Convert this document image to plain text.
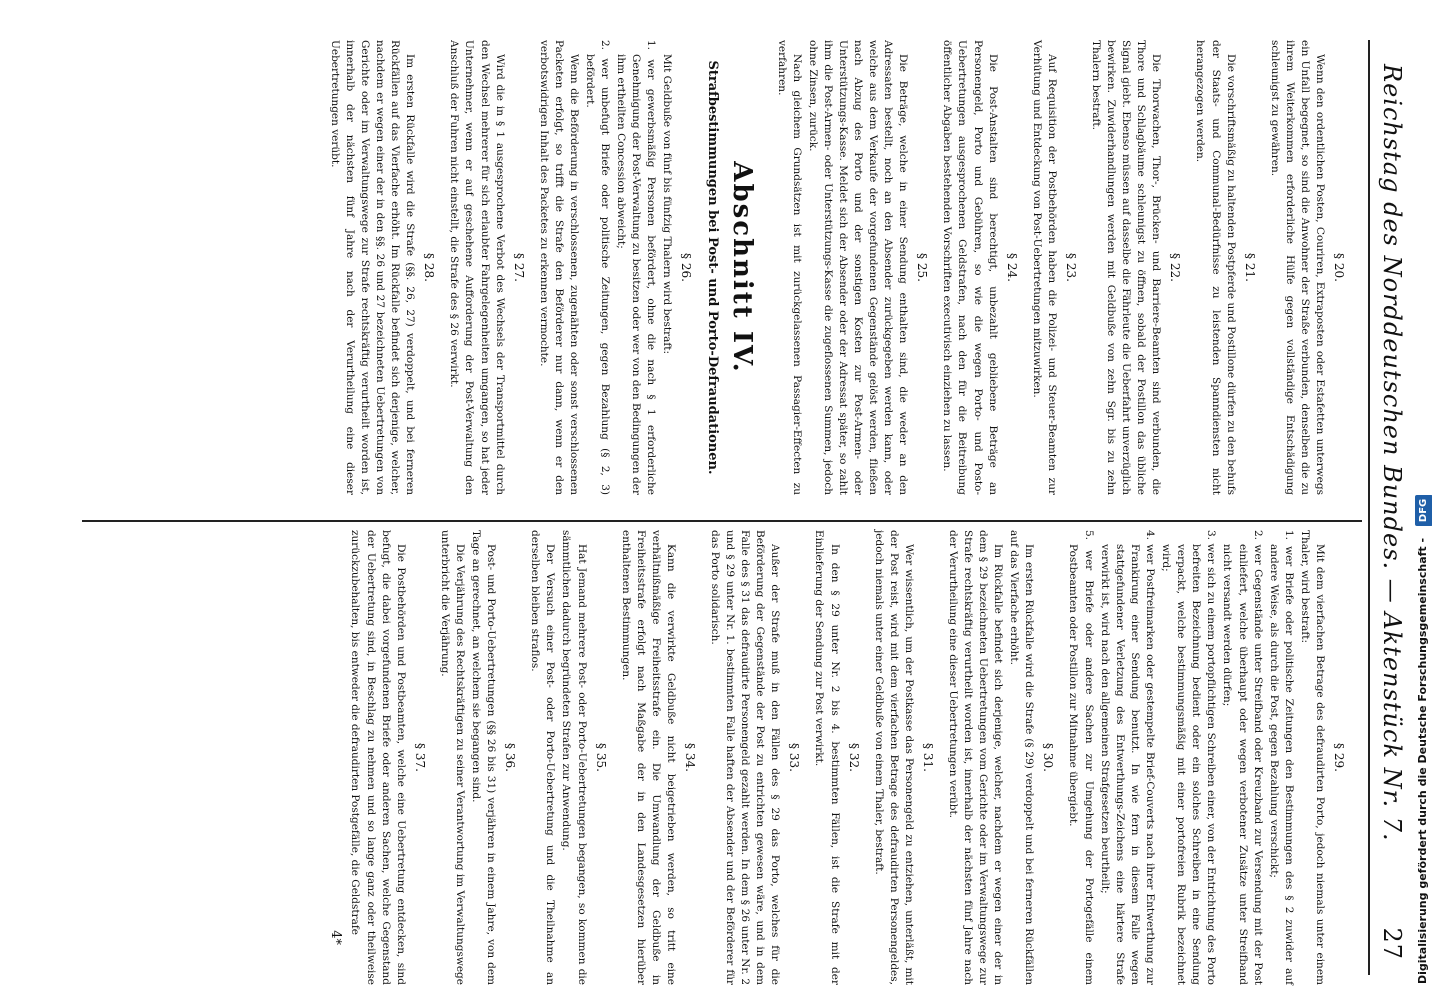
Reichstag des Norddeutschen Bundes. — Aktenstück Nr. 7.
27
§ 20.

Wenn den ordentlichen Posten, Couriren, Extraposten oder Estafetten unterwegs ein Unfall begegnet, so sind die Anwohner der Straße verbunden, denselben die zu ihrem Weiterkommen erforderliche Hülfe gegen vollständige Entschädigung schleunigst zu gewähren.

§ 21.

Die vorschriftsmäßig zu haltenden Postpferde und Postillone dürfen zu den behufs der Staats- und Communal-Bedürfnisse zu leistenden Spanndiensten nicht herangezogen werden.

§ 22.

Die Thorwachen, Thor-, Brücken- und Barriere-Beamten sind verbunden, die Thore und Schlagbäume schleunigst zu öffnen, sobald der Postillon das übliche Signal giebt. Ebenso müssen auf dasselbe die Fährleute die Ueberfahrt unverzüglich bewirken. Zuwiderhandlungen werden mit Geldbuße von zehn Sgr. bis zu zehn Thalern bestraft.

§ 23.

Auf Requisition der Postbehörden haben die Polizei- und Steuer-Beamten zur Verhütung und Entdeckung von Post-Uebertretungen mitzuwirken.

§ 24.

Die Post-Anstalten sind berechtigt, unbezahlt gebliebene Beträge an Personengeld, Porto und Gebühren, so wie die wegen Porto- und Posto-Uebertretungen ausgesprochenen Geldstrafen, nach den für die Beitreibung öffentlicher Abgaben bestehenden Vorschriften executivisch einziehen zu lassen.

§ 25.

Die Beträge, welche in einer Sendung enthalten sind, die weder an den Adressaten bestellt, noch an den Absender zurückgegeben werden kann, oder welche aus dem Verkaufe der vorgefundenen Gegenstände gelöst werden, fließen nach Abzug des Porto und der sonstigen Kosten zur Post-Armen- oder Unterstützungs-Kasse. Meldet sich der Absender oder der Adressat später, so zahlt ihm die Post-Armen- oder Unterstützungs-Kasse die zugeflossenen Summen, jedoch ohne Zinsen, zurück.

Nach gleichem Grundsätzen ist mit zurückgelassenen Passagier-Effecten zu verfahren.

Abschnitt IV.
Strafbestimmungen bei Post- und Porto-Defraudationen.
§ 26.

Mit Geldbuße von fünf bis fünfzig Thalern wird bestraft:

1. wer gewerbsmäßig Personen befördert, ohne die nach § 1 erforderliche Genehmigung der Post-Verwaltung zu besitzen oder wer von den Bedingungen der ihm ertheilten Concession abweicht;

2. wer unbefugt Briefe oder politische Zeitungen, gegen Bezahlung (§ 2, 3) befördert.

Wenn die Beförderung in verschlossenen, zugenähten oder sonst verschlossenen Packeten erfolgt, so trifft die Strafe den Beförderer nur dann, wenn er den verbotswidrigen Inhalt des Packetes zu erkennen vermochte.

§ 27.

Wird die in § 1 ausgesprochene Verbot des Wechsels der Transportmittel durch den Wechsel mehrerer für sich erlaubter Fahrgelegenheiten umgangen, so hat jeder Unternehmer, wenn er auf geschehene Aufforderung der Post-Verwaltung den Anschluß der Fuhren nicht einstellt, die Strafe des § 26 verwirkt.

§ 28.

Im ersten Rückfalle wird die Strafe (§§. 26, 27) verdoppelt, und bei ferneren Rückfällen auf das Vierfache erhöht. Im Rückfalle befindet sich derjenige, welcher, nachdem er wegen einer der in den §§. 26 und 27 bezeichneten Uebertretungen von Gerichte oder im Verwaltungswege zur Strafe rechtskräftig verurtheilt worden ist, innerhalb der nächsten fünf Jahre nach der Verurtheilung eine dieser Uebertretungen verübt.

§ 29.

Mit dem vierfachen Betrage des defraudirten Porto, jedoch niemals unter einem Thaler, wird bestraft:

1. wer Briefe oder politische Zeitungen den Bestimmungen des § 2 zuwider auf andere Weise, als durch die Post, gegen Bezahlung verschickt;

2. wer Gegenstände unter Streifband oder Kreuzband zur Versendung mit der Post einliefert, welche überhaupt oder wegen verbotener Zusätze unter Streifband nicht versandt werden dürfen;

3. wer sich zu einem portopflichtigen Schreiben einer, von der Entrichtung des Porto befreiten Bezeichnung bedient oder ein solches Schreiben in eine Sendung verpackt, welche bestimmungsmäßig mit einer portofreien Rubrik bezeichnet wird;

4. wer Postfreimarken oder gestempelte Brief-Couverts nach ihrer Entwerthung zur Frankirung einer Sendung benutzt. In wie fern in diesem Falle wegen stattgefundener Verletzung des Entwerthungs-Zeichens eine härtere Strafe verwirkt ist, wird nach den allgemeinen Strafgesetzen beurtheilt;

5. wer Briefe oder andere Sachen zur Umgehung der Portogefälle einem Postbeamten oder Postillon zur Mitnahme übergiebt.

§ 30.

Im ersten Rückfalle wird die Strafe (§ 29) verdoppelt und bei ferneren Rückfällen auf das Vierfache erhöht.

Im Rückfalle befindet sich derjenige, welcher, nachdem er wegen einer der in dem § 29 bezeichneten Uebertretungen vom Gerichte oder im Verwaltungswege zur Strafe rechtskräftig verurtheilt worden ist, innerhalb der nächsten fünf Jahre nach der Verurtheilung eine dieser Uebertretungen verübt.

§ 31.

Wer wissentlich, um der Postkasse das Personengeld zu entziehen, unterläßt, mit der Post reist, wird mit dem vierfachen Betrage des defraudirten Personengeldes, jedoch niemals unter einer Geldbuße von einem Thaler, bestraft.

§ 32.

In den § 29 unter Nr. 2 bis 4. bestimmten Fällen, ist die Strafe mit der Einlieferung der Sendung zur Post verwirkt.

§ 33.

Außer der Strafe muß in den Fällen des § 29 das Porto, welches für die Beförderung der Gegenstände der Post zu entrichten gewesen wäre, und in dem Falle des § 31 das defraudirte Personengeld gezahlt werden. In dem § 26 unter Nr. 2 und § 29 unter Nr. 1. bestimmten Falle haften der Absender und der Beförderer für das Porto solidarisch.

§ 34.

Kann die verwirkte Geldbuße nicht beigetrieben werden, so tritt eine verhältnißmäßige Freiheitsstrafe ein. Die Umwandlung der Geldbuße in Freiheitsstrafe erfolgt nach Maßgabe der in den Landesgesetzen hierüber enthaltenen Bestimmungen.

§ 35.

Hat Jemand mehrere Post- oder Porto-Uebertretungen begangen, so kommen die sämmtlichen dadurch begründeten Strafen zur Anwendung.

Der Versuch einer Post- oder Porto-Uebertretung und die Theilnahme an derselben bleiben straflos.

§ 36.

Post- und Porto-Uebertretungen (§§ 26 bis 31) verjähren in einem Jahre, von dem Tage an gerechnet, an welchem sie begangen sind.

Die Verjährung des Rechtskräftigen zu seiner Verantwortung im Verwaltungswege unterbricht die Verjährung.

§ 37.

Die Postbehörden und Postbeamten, welche eine Uebertretung entdecken, sind befugt, die dabei vorgefundenen Briefe oder anderen Sachen, welche Gegenstand der Uebertretung sind, in Beschlag zu nehmen und so lange ganz oder theilweise zurückzubehalten, bis entweder die defraudirten Postgefälle, die Geldstrafe

4*	Digitalisierung gefördert durch die Deutsche Forschungsgemeinschaft - DFG
